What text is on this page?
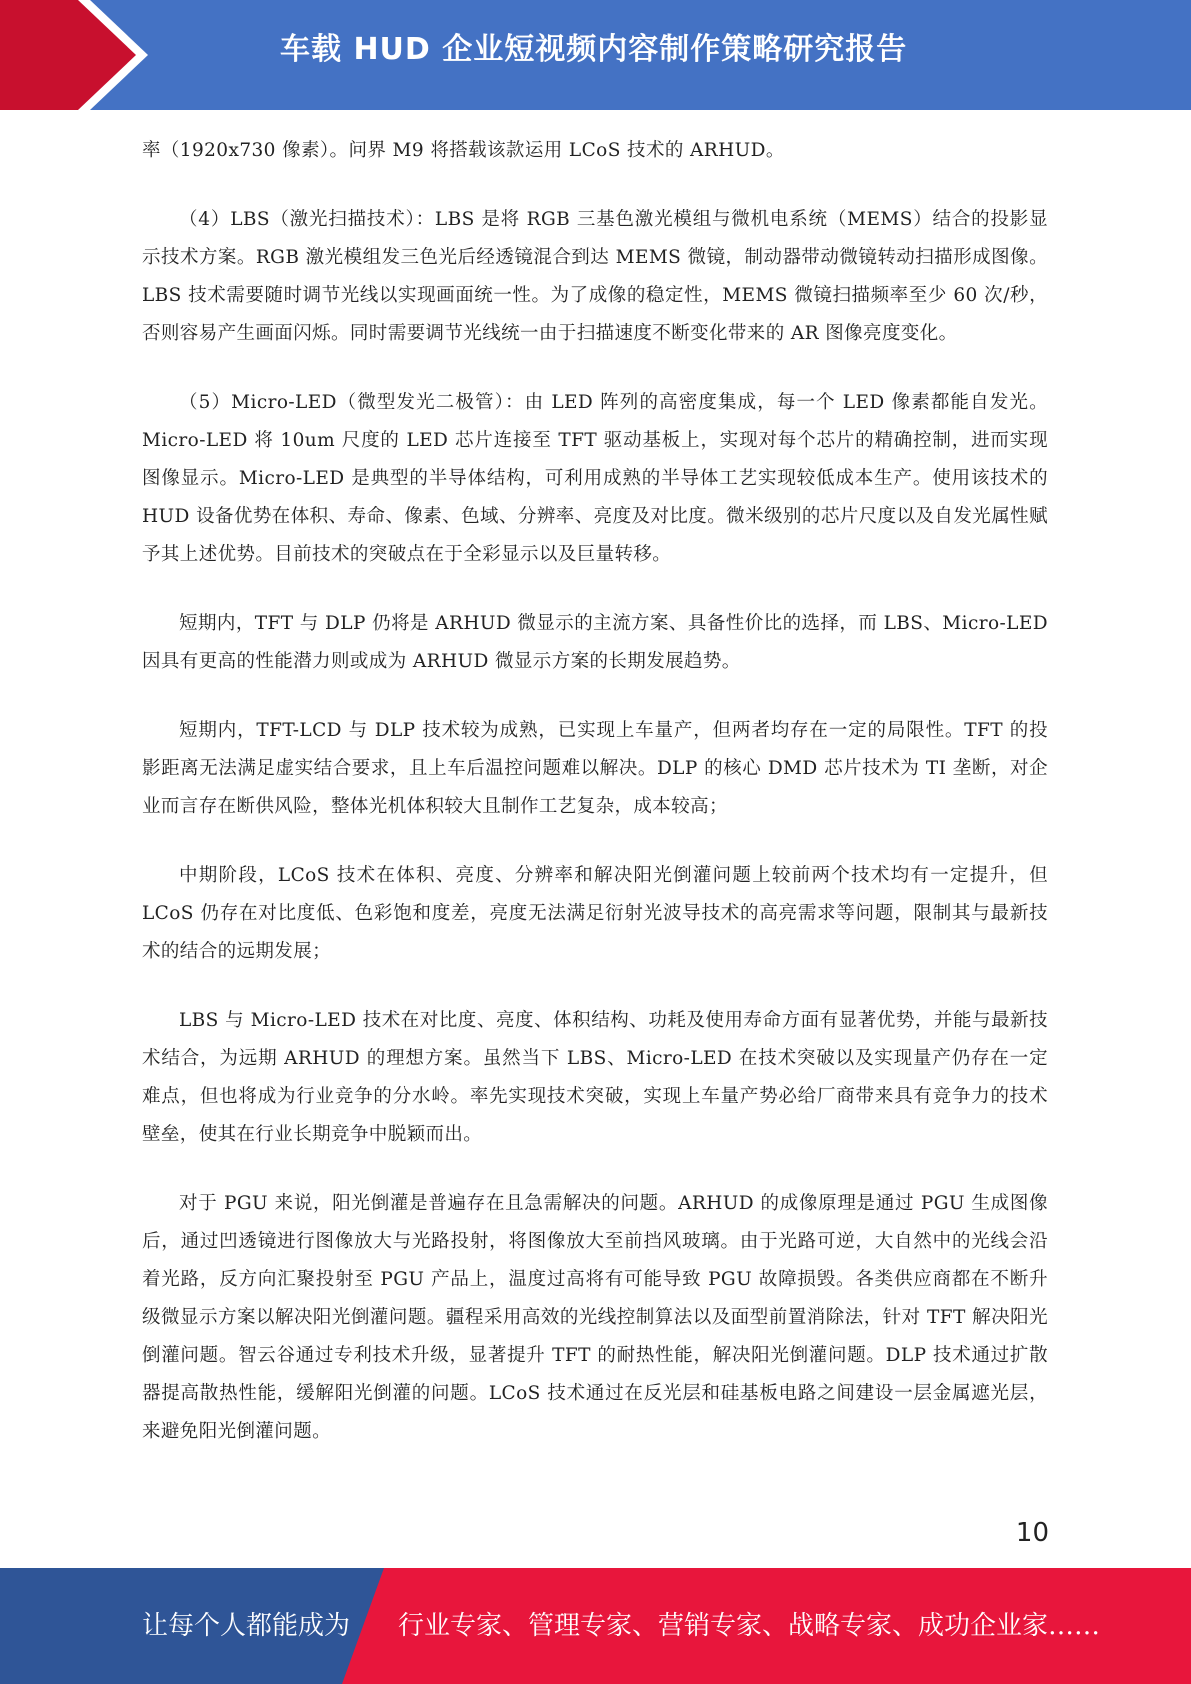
车载 HUD 企业短视频内容制作策略研究报告

率（1920x730 像素）。问界 M9 将搭载该款运用 LCoS 技术的 ARHUD。

（4）LBS（激光扫描技术）：LBS 是将 RGB 三基色激光模组与微机电系统（MEMS）结合的投影显示技术方案。RGB 激光模组发三色光后经透镜混合到达 MEMS 微镜，制动器带动微镜转动扫描形成图像。LBS 技术需要随时调节光线以实现画面统一性。为了成像的稳定性，MEMS 微镜扫描频率至少 60 次/秒，否则容易产生画面闪烁。同时需要调节光线统一由于扫描速度不断变化带来的 AR 图像亮度变化。

（5）Micro-LED（微型发光二极管）：由 LED 阵列的高密度集成，每一个 LED 像素都能自发光。Micro-LED 将 10um 尺度的 LED 芯片连接至 TFT 驱动基板上，实现对每个芯片的精确控制，进而实现图像显示。Micro-LED 是典型的半导体结构，可利用成熟的半导体工艺实现较低成本生产。使用该技术的 HUD 设备优势在体积、寿命、像素、色域、分辨率、亮度及对比度。微米级别的芯片尺度以及自发光属性赋予其上述优势。目前技术的突破点在于全彩显示以及巨量转移。

短期内，TFT 与 DLP 仍将是 ARHUD 微显示的主流方案、具备性价比的选择，而 LBS、Micro-LED 因具有更高的性能潜力则或成为 ARHUD 微显示方案的长期发展趋势。

短期内，TFT-LCD 与 DLP 技术较为成熟，已实现上车量产，但两者均存在一定的局限性。TFT 的投影距离无法满足虚实结合要求，且上车后温控问题难以解决。DLP 的核心 DMD 芯片技术为 TI 垄断，对企业而言存在断供风险，整体光机体积较大且制作工艺复杂，成本较高；

中期阶段，LCoS 技术在体积、亮度、分辨率和解决阳光倒灌问题上较前两个技术均有一定提升，但 LCoS 仍存在对比度低、色彩饱和度差，亮度无法满足衍射光波导技术的高亮需求等问题，限制其与最新技术的结合的远期发展；

LBS 与 Micro-LED 技术在对比度、亮度、体积结构、功耗及使用寿命方面有显著优势，并能与最新技术结合，为远期 ARHUD 的理想方案。虽然当下 LBS、Micro-LED 在技术突破以及实现量产仍存在一定难点，但也将成为行业竞争的分水岭。率先实现技术突破，实现上车量产势必给厂商带来具有竞争力的技术壁垒，使其在行业长期竞争中脱颖而出。

对于 PGU 来说，阳光倒灌是普遍存在且急需解决的问题。ARHUD 的成像原理是通过 PGU 生成图像后，通过凹透镜进行图像放大与光路投射，将图像放大至前挡风玻璃。由于光路可逆，大自然中的光线会沿着光路，反方向汇聚投射至 PGU 产品上，温度过高将有可能导致 PGU 故障损毁。各类供应商都在不断升级微显示方案以解决阳光倒灌问题。疆程采用高效的光线控制算法以及面型前置消除法，针对 TFT 解决阳光倒灌问题。智云谷通过专利技术升级，显著提升 TFT 的耐热性能，解决阳光倒灌问题。DLP 技术通过扩散器提高散热性能，缓解阳光倒灌的问题。LCoS 技术通过在反光层和硅基板电路之间建设一层金属遮光层，来避免阳光倒灌问题。

10
让每个人都能成为 行业专家、管理专家、营销专家、战略专家、成功企业家……
